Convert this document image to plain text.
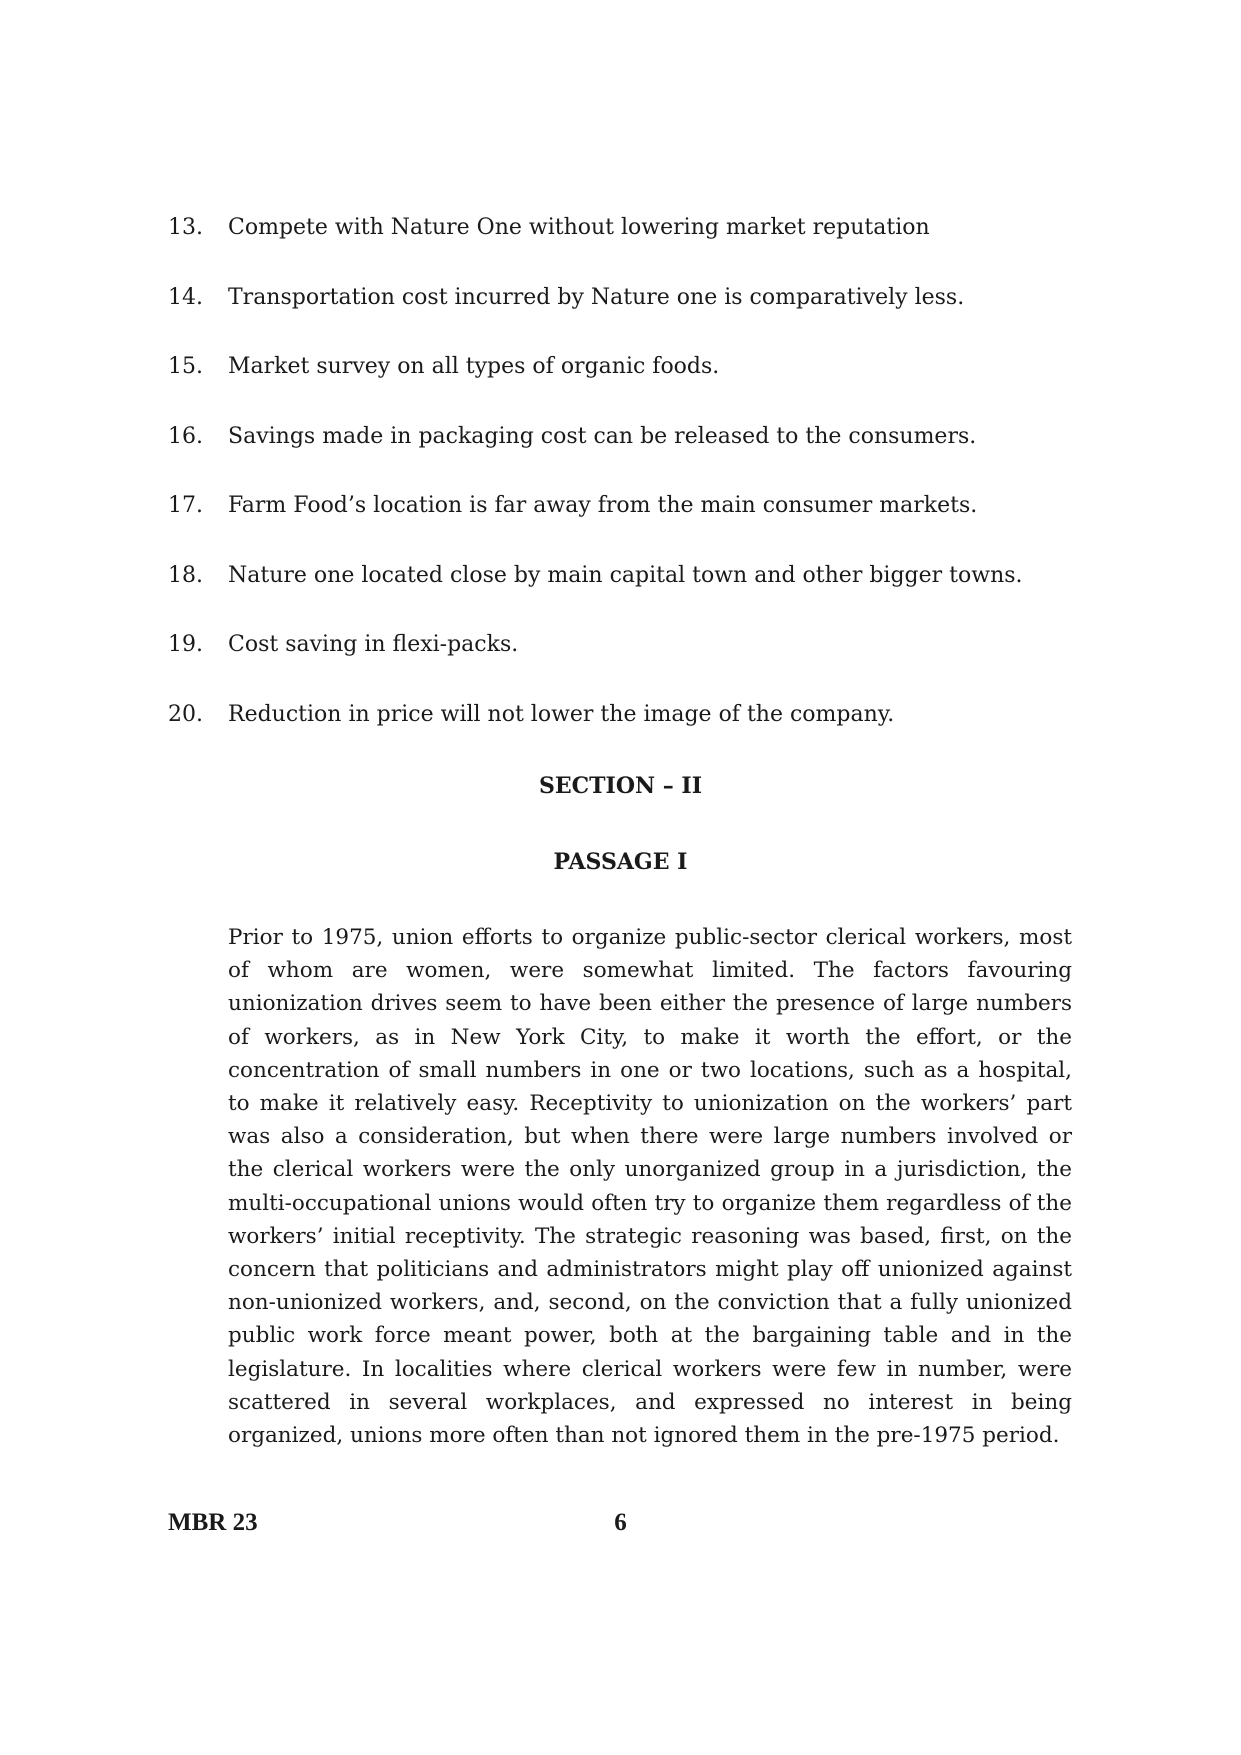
13.	Compete with Nature One without lowering market reputation
14.	Transportation cost incurred by Nature one is comparatively less.
15.	Market survey on all types of organic foods.
16.	Savings made in packaging cost can be released to the consumers.
17.	Farm Food’s location is far away from the main consumer markets.
18.	Nature one located close by main capital town and other bigger towns.
19.	Cost saving in flexi-packs.
20.	Reduction in price will not lower the image of the company.
SECTION – II
PASSAGE I

Prior to 1975, union efforts to organize public-sector clerical workers, most of whom are women, were somewhat limited. The factors favouring unionization drives seem to have been either the presence of large numbers of workers, as in New York City, to make it worth the effort, or the concentration of small numbers in one or two locations, such as a hospital, to make it relatively easy. Receptivity to unionization on the workers’ part was also a consideration, but when there were large numbers involved or the clerical workers were the only unorganized group in a jurisdiction, the multi-occupational unions would often try to organize them regardless of the workers’ initial receptivity. The strategic reasoning was based, first, on the concern that politicians and administrators might play off unionized against non-unionized workers, and, second, on the conviction that a fully unionized public work force meant power, both at the bargaining table and in the legislature. In localities where clerical workers were few in number, were scattered in several workplaces, and expressed no interest in being organized, unions more often than not ignored them in the pre-1975 period.

MBR 23	6
